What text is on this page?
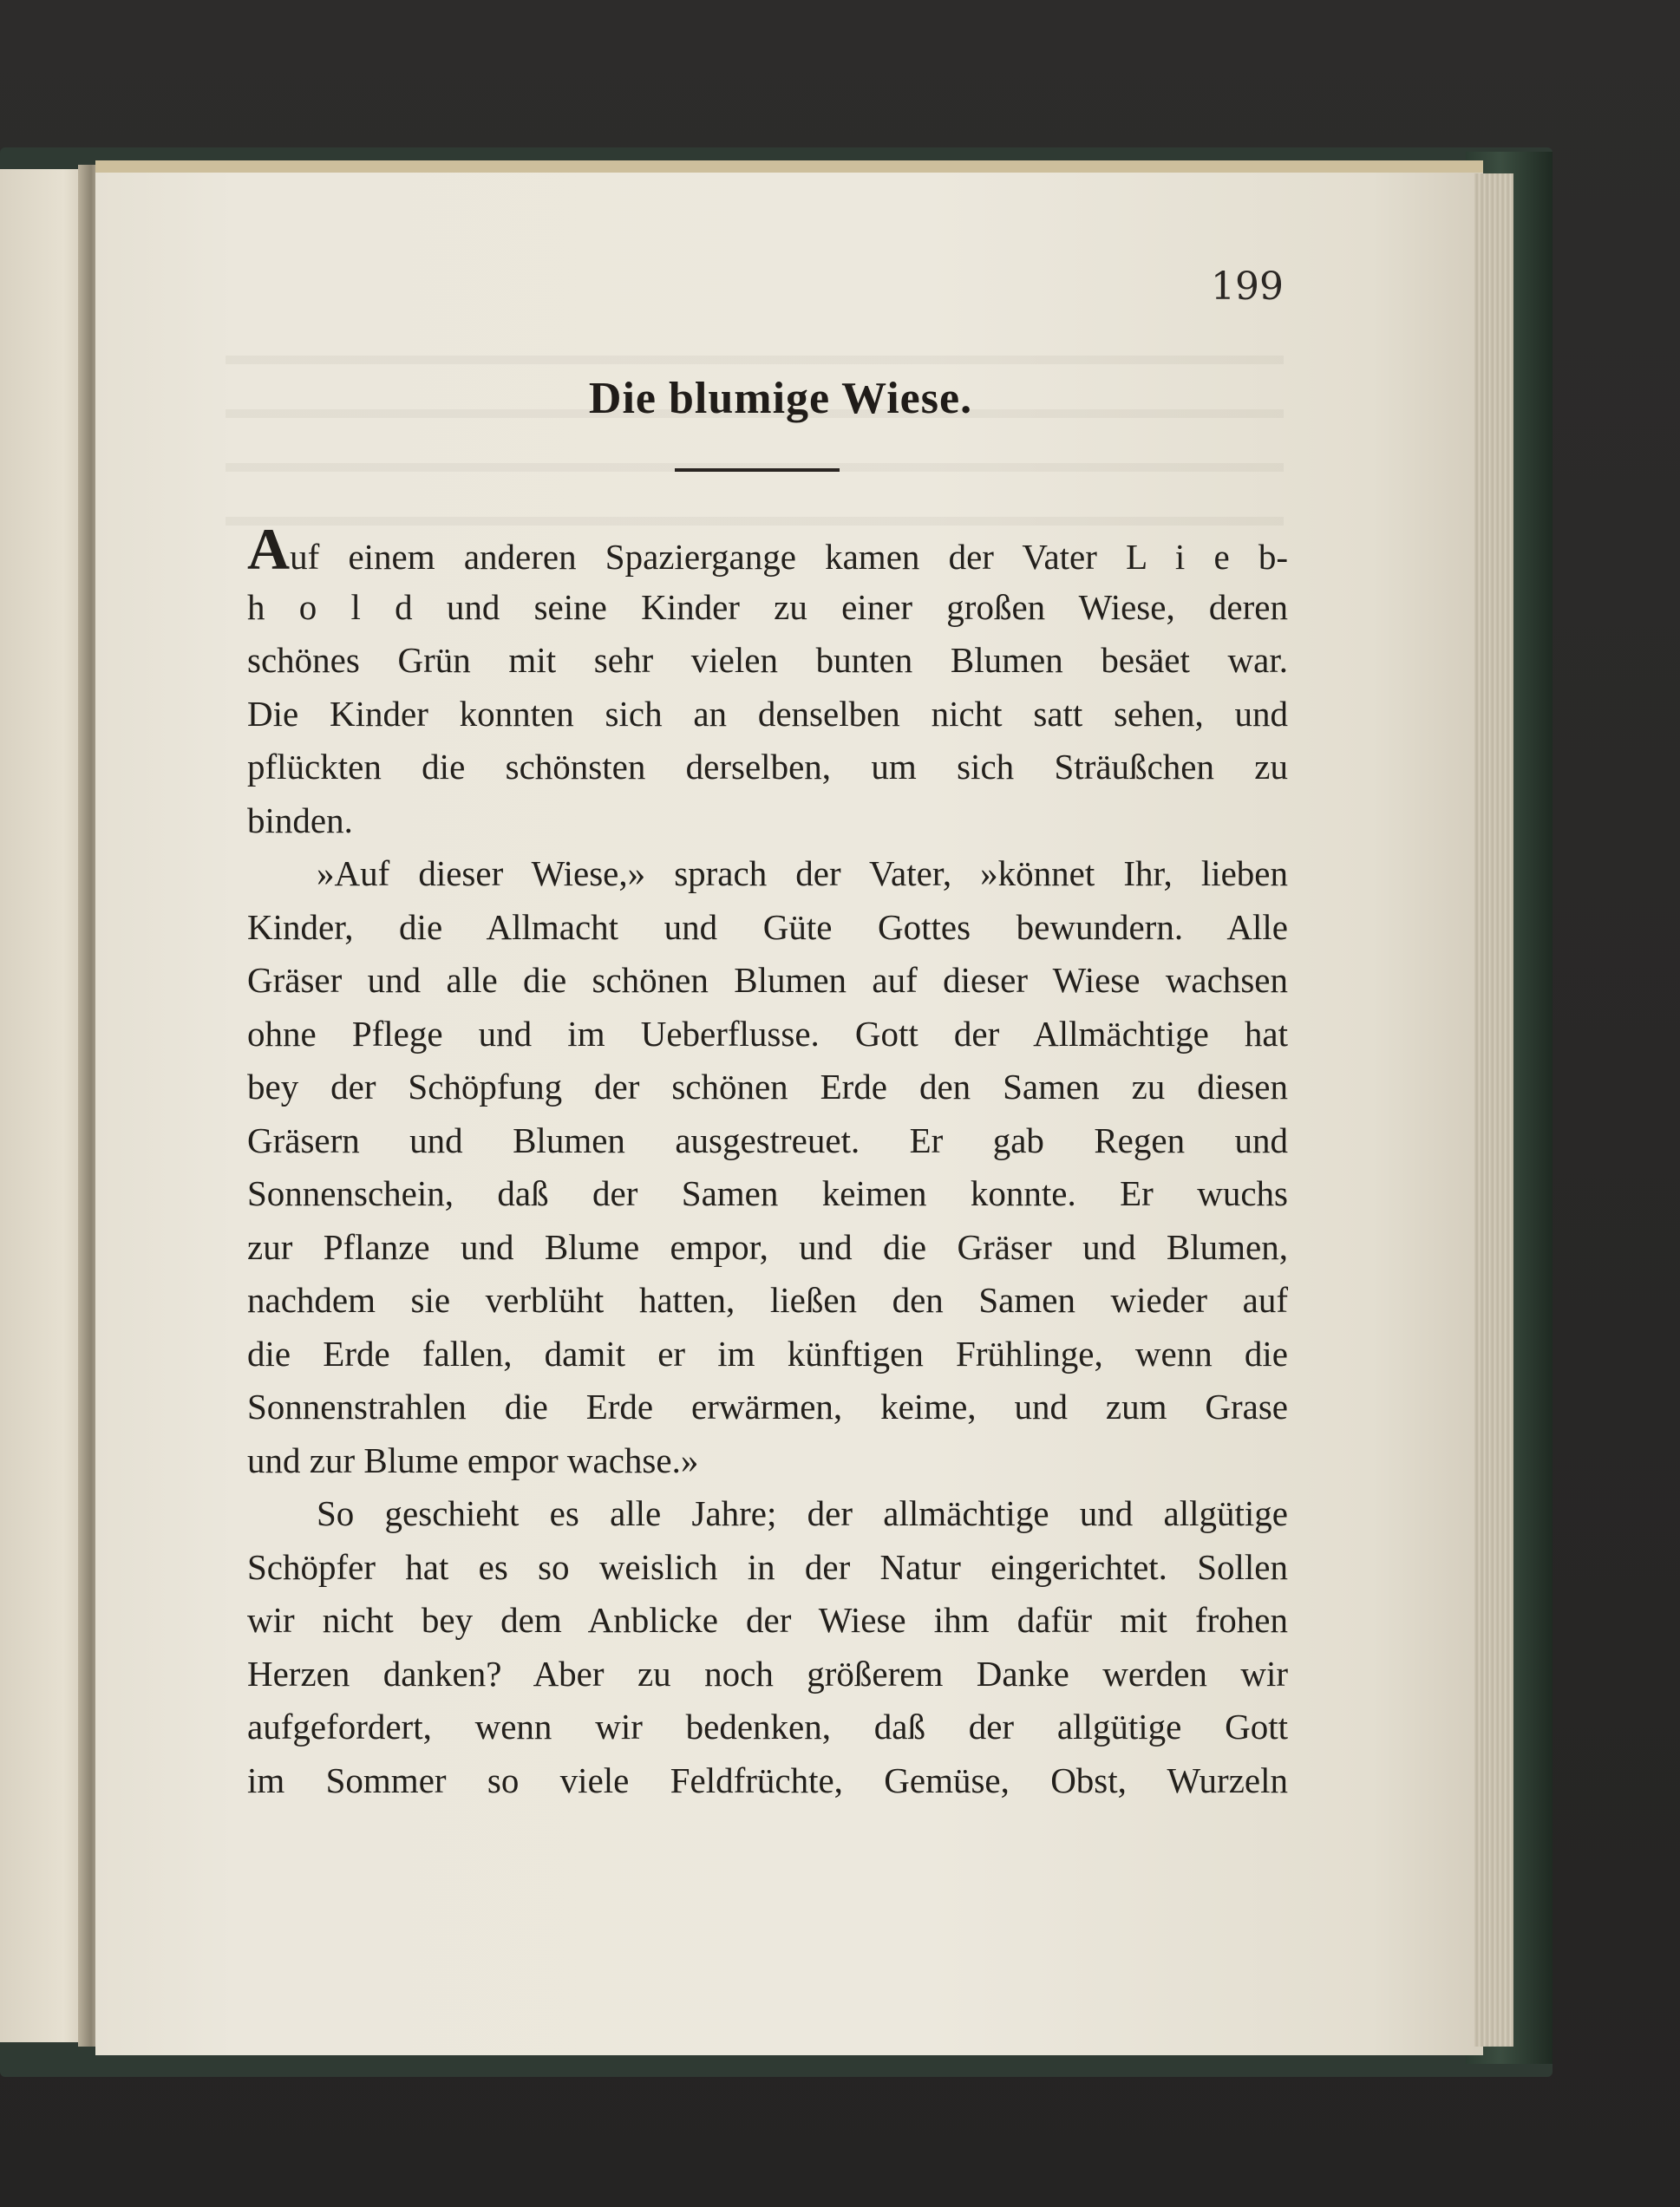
199
Die blumige Wiese.
Auf einem anderen Spaziergange kamen der Vater L i e b-
h o l d und seine Kinder zu einer großen Wiese, deren
schönes Grün mit sehr vielen bunten Blumen besäet war.
Die Kinder konnten sich an denselben nicht satt sehen, und
pflückten die schönsten derselben, um sich Sträußchen zu
binden.
»Auf dieser Wiese,» sprach der Vater, »könnet Ihr, lieben
Kinder, die Allmacht und Güte Gottes bewundern. Alle
Gräser und alle die schönen Blumen auf dieser Wiese wachsen
ohne Pflege und im Ueberflusse. Gott der Allmächtige hat
bey der Schöpfung der schönen Erde den Samen zu diesen
Gräsern und Blumen ausgestreuet. Er gab Regen und
Sonnenschein, daß der Samen keimen konnte. Er wuchs
zur Pflanze und Blume empor, und die Gräser und Blumen,
nachdem sie verblüht hatten, ließen den Samen wieder auf
die Erde fallen, damit er im künftigen Frühlinge, wenn die
Sonnenstrahlen die Erde erwärmen, keime, und zum Grase
und zur Blume empor wachse.»
So geschieht es alle Jahre; der allmächtige und allgütige
Schöpfer hat es so weislich in der Natur eingerichtet. Sollen
wir nicht bey dem Anblicke der Wiese ihm dafür mit frohen
Herzen danken? Aber zu noch größerem Danke werden wir
aufgefordert, wenn wir bedenken, daß der allgütige Gott
im Sommer so viele Feldfrüchte, Gemüse, Obst, Wurzeln
